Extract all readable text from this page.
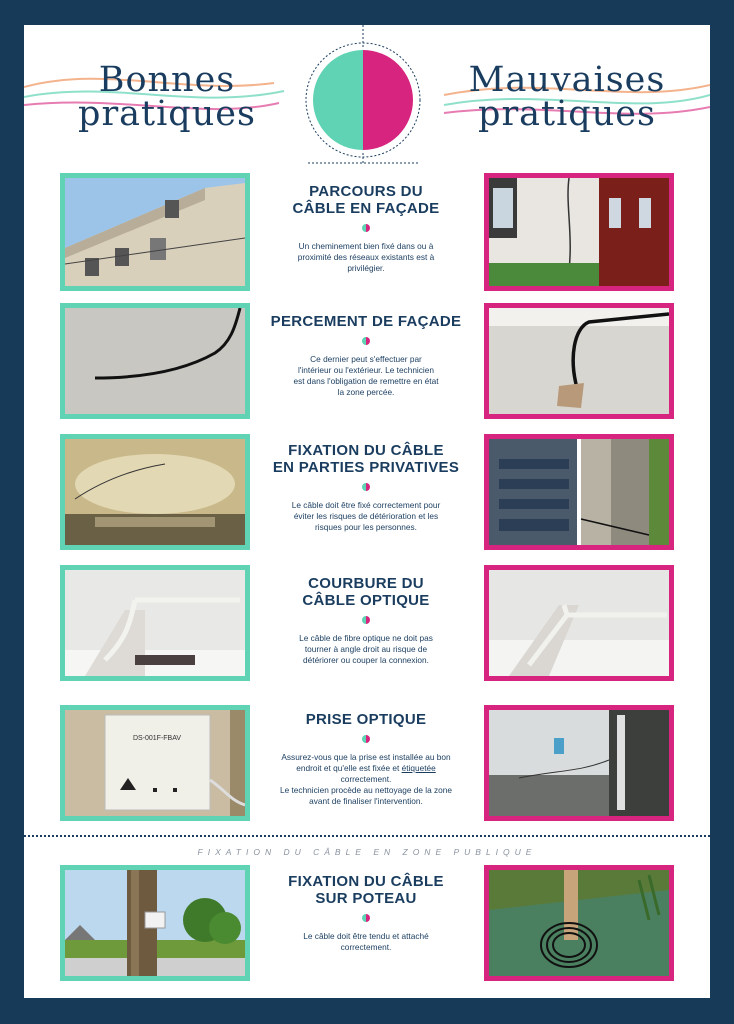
Bonnes
pratiques
Mauvaises
pratiques
PARCOURS DU
CÂBLE EN FAÇADE
Un cheminement bien fixé dans ou à
proximité des réseaux existants est à
privilégier.
PERCEMENT DE FAÇADE
Ce dernier peut s'effectuer par
l'intérieur ou l'extérieur. Le technicien
est dans l'obligation de remettre en état
la zone percée.
FIXATION DU CÂBLE
EN PARTIES PRIVATIVES
Le câble doit être fixé correctement pour
éviter les risques de détérioration et les
risques pour les personnes.
COURBURE DU
CÂBLE OPTIQUE
Le câble de fibre optique ne doit pas
tourner à angle droit au risque de
détériorer ou couper la connexion.
DS-001F-FBAV
PRISE OPTIQUE
Assurez-vous que la prise est installée au bon
endroit et qu'elle est fixée et étiquetée
correctement.
Le technicien procède au nettoyage de la zone
avant de finaliser l'intervention.
FIXATION DU CÂBLE EN ZONE PUBLIQUE
FIXATION DU CÂBLE
SUR POTEAU
Le câble doit être tendu et attaché
correctement.
